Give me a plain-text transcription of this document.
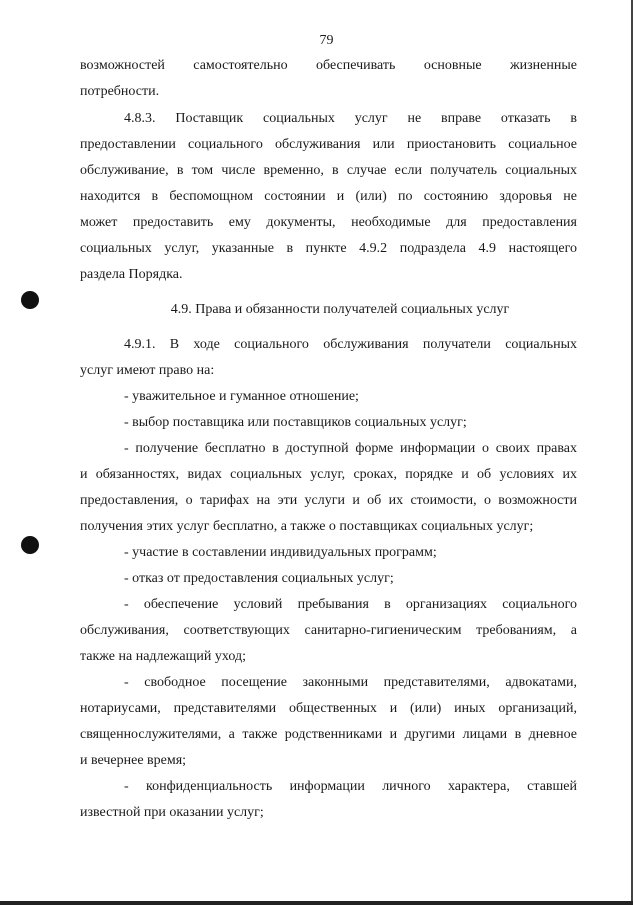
79
возможностей самостоятельно обеспечивать основные жизненные
потребности.
4.8.3. Поставщик социальных услуг не вправе отказать в
предоставлении социального обслуживания или приостановить социальное
обслуживание, в том числе временно, в случае если получатель социальных
находится в беспомощном состоянии и (или) по состоянию здоровья не
может предоставить ему документы, необходимые для предоставления
социальных услуг, указанные в пункте 4.9.2 подраздела 4.9 настоящего
раздела Порядка.
4.9. Права и обязанности получателей социальных услуг
4.9.1. В ходе социального обслуживания получатели социальных
услуг имеют право на:
- уважительное и гуманное отношение;
- выбор поставщика или поставщиков социальных услуг;
- получение бесплатно в доступной форме информации о своих правах
и обязанностях, видах социальных услуг, сроках, порядке и об условиях их
предоставления, о тарифах на эти услуги и об их стоимости, о возможности
получения этих услуг бесплатно, а также о поставщиках социальных услуг;
- участие в составлении индивидуальных программ;
- отказ от предоставления социальных услуг;
- обеспечение условий пребывания в организациях социального
обслуживания, соответствующих санитарно-гигиеническим требованиям, а
также на надлежащий уход;
- свободное посещение законными представителями, адвокатами,
нотариусами, представителями общественных и (или) иных организаций,
священнослужителями, а также родственниками и другими лицами в дневное
и вечернее время;
- конфиденциальность информации личного характера, ставшей
известной при оказании услуг;
